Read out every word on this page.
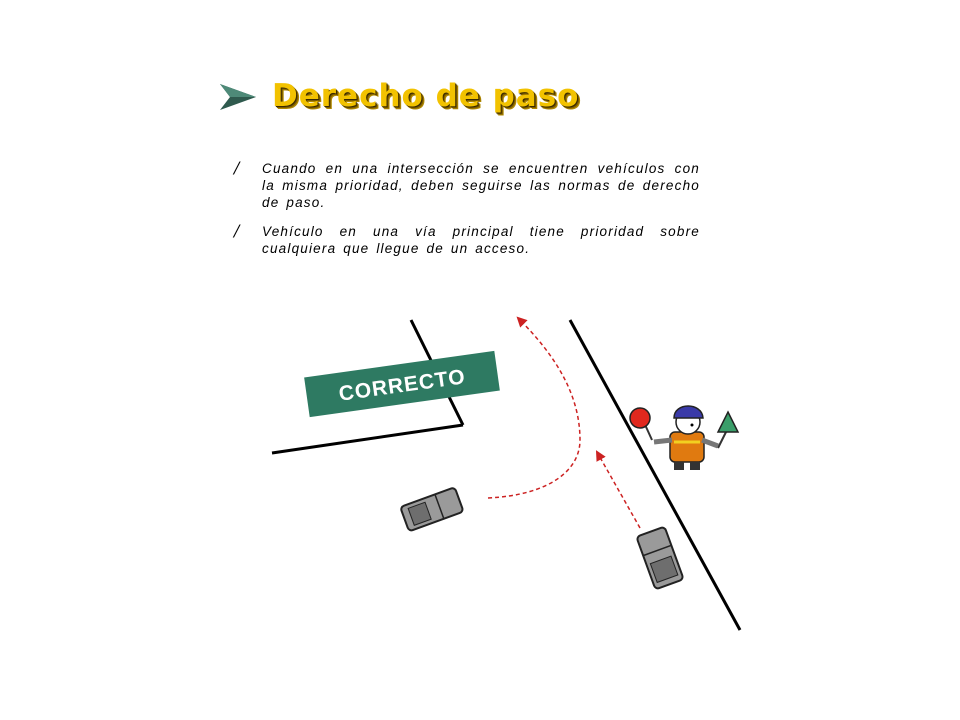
Derecho de paso
/	Cuando en una intersección se encuentren vehículos con la misma prioridad, deben seguirse las normas de derecho de paso.
/	Vehículo en una vía principal tiene prioridad sobre cualquiera que llegue de un acceso.
CORRECTO
